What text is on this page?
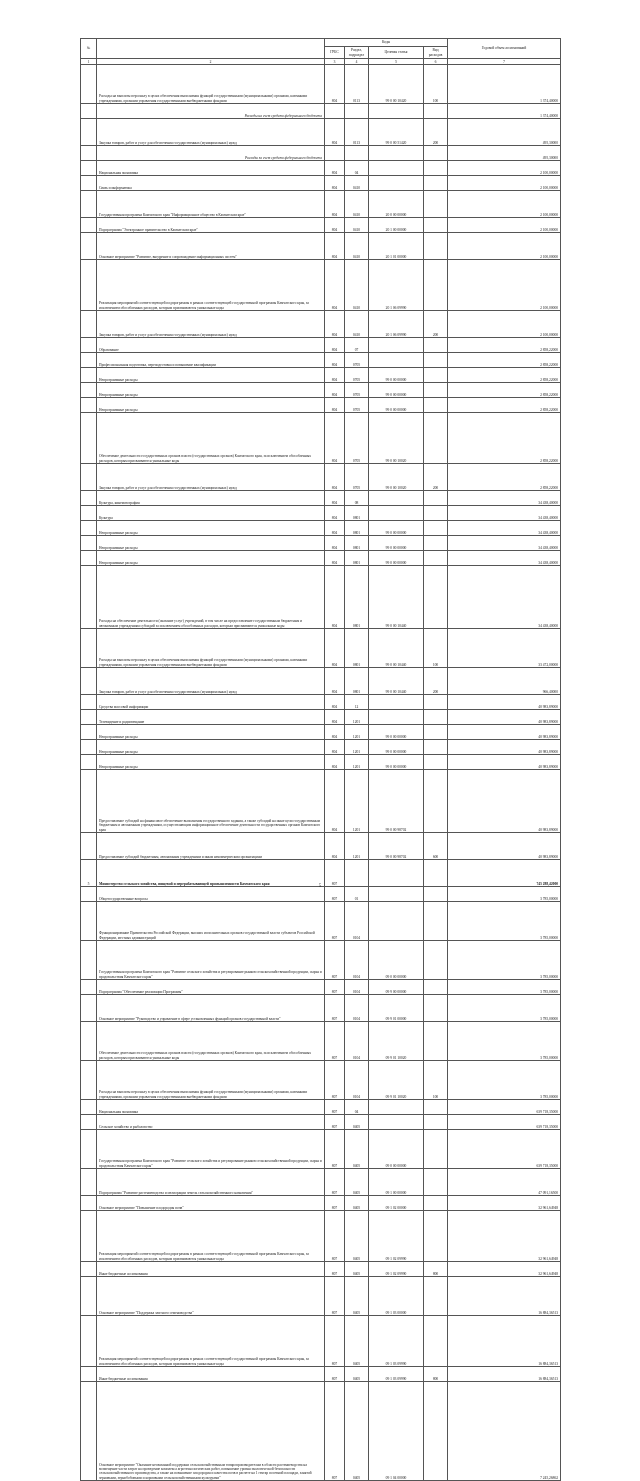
№		Коды				Годовой объем ассигнований
		ГРБС	Раздел, подраздел	Целевая статья	Вид расходов	
1	2	3	4	5	6	7
	Расходы на выплаты персоналу в целях обеспечения выполнения функций государственными (муниципальными) органами, казенными учреждениями, органами управления государственными внебюджетными фондами	804	0113	99 0 00 10420	100	1 374,40000
	Расходы на счет средств федерального бюджета					1 374,40000
	Закупка товаров, работ и услуг для обеспечения государственных (муниципальных) нужд	804	0113	99 0 00 51420	200	495,30000
	Расходы за счет средств федерального бюджета					495,30000
	Национальная экономика	804	04			2 100,00000
	Связь и информатика	804	0410			2 100,00000
	Государственная программа Камчатского края "Информационное общество в Камчатском крае"	804	0410	20 0 00 00000		2 100,00000
	Подпрограмма "Электронное правительство в Камчатском крае"	804	0410	20 1 00 00000		2 100,00000
	Основное мероприятие "Развитие, внедрение и сопровождение информационных систем"	804	0410	20 1 01 00000		2 100,00000
	Реализация мероприятий соответствующей подпрограммы в рамках соответствующей государственной программы Камчатского края, за исключением обособленных расходов, которым присваиваются уникальные коды	804	0410	20 1 06 09990		2 100,00000
	Закупка товаров, работ и услуг для обеспечения государственных (муниципальных) нужд	804	0410	20 1 06 09990	200	2 100,00000
	Образование	804	07			2 858,22000
	Профессиональная подготовка, переподготовка и повышение квалификации	804	0705			2 858,22000
	Непрограммные расходы	804	0705	99 0 00 00000		2 858,22000
	Непрограммные расходы	804	0705	99 0 00 00000		2 858,22000
	Непрограммные расходы	804	0705	99 0 00 00000		2 858,22000
	Обеспечение деятельности государственных органов власти (государственных органов) Камчатского края, за исключением обособленных расходов, которым присваиваются уникальные коды	804	0705	99 0 00 10020		2 858,22000
	Закупка товаров, работ и услуг для обеспечения государственных (муниципальных) нужд	804	0705	99 0 00 10020	200	2 858,22000
	Культура, кинематография	804	08			34 438,40000
	Культура	804	0801			34 438,40000
	Непрограммные расходы	804	0801	99 0 00 00000		34 438,40000
	Непрограммные расходы	804	0801	99 0 00 00000		34 438,40000
	Непрограммные расходы	804	0801	99 0 00 00000		34 438,40000
	Расходы на обеспечение деятельности (оказание услуг) учреждений, в том числе на предоставление государственным бюджетным и автономным учреждениям субсидий за исключением обособленных расходов, которым присваиваются уникальные коды	804	0801	99 0 00 10440		34 438,40000
	Расходы на выплаты персоналу в целях обеспечения выполнения функций государственными (муниципальными) органами, казенными учреждениями, органами управления государственными внебюджетными фондами	804	0801	99 0 00 10440	100	33 472,00000
	Закупка товаров, работ и услуг для обеспечения государственных (муниципальных) нужд	804	0801	99 0 00 10440	200	966,40000
	Средства массовой информации	804	12			40 983,89000
	Телевидение и радиовещание	804	1201			40 983,89000
	Непрограммные расходы	804	1201	99 0 00 00000		40 983,89000
	Непрограммные расходы	804	1201	99 0 00 00000		40 983,89000
	Непрограммные расходы	804	1201	99 0 00 00000		40 983,89000
	Предоставление субсидий на финансовое обеспечение выполнения государственного задания, а также субсидий на иные цели государственным бюджетным и автономным учреждениям, осуществляющим информационное обеспечение деятельности государственных органов Камчатского края	804	1201	99 0 00 98702		40 983,89000
	Предоставление субсидий бюджетным, автономным учреждениям и иным некоммерческим организациям	804	1201	99 0 00 98702	600	40 983,89000
5	Министерство сельского хозяйства, пищевой и перерабатывающей промышленности Камчатского края	807				745 288,42000
	Общегосударственные вопросы	807	01			3 785,00000
	Функционирование Правительства Российской Федерации, высших исполнительных органов государственной власти субъектов Российской Федерации, местных администраций	807	0104			3 785,00000
	Государственная программа Камчатского края "Развитие сельского хозяйства и регулирование рынков сельскохозяйственной продукции, сырья и продовольствия Камчатского края"	807	0104	09 0 00 00000		3 785,00000
	Подпрограмма "Обеспечение реализации Программы"	807	0104	09 9 00 00000		3 785,00000
	Основное мероприятие "Руководство и управление в сфере установленных функций органов государственной власти"	807	0104	09 9 01 00000		3 785,00000
	Обеспечение деятельности государственных органов власти (государственных органов) Камчатского края, за исключением обособленных расходов, которым присваиваются уникальные коды	807	0104	09 9 01 10020		3 785,00000
	Расходы на выплаты персоналу в целях обеспечения выполнения функций государственными (муниципальными) органами, казенными учреждениями, органами управления государственными внебюджетными фондами	807	0104	09 9 01 10020	100	3 785,00000
	Национальная экономика	807	04			639 718,35000
	Сельское хозяйство и рыболовство	807	0405			639 718,35000
	Государственная программа Камчатского края "Развитие сельского хозяйства и регулирование рынков сельскохозяйственной продукции, сырья и продовольствия Камчатского края"	807	0405	09 0 00 00000		639 718,35000
	Подпрограмма "Развитие растениеводства и мелиорации земель сельскохозяйственного назначения"	807	0405	09 1 00 00000		47 091,16500
	Основное мероприятие "Повышение плодородия почв"	807	0405	09 1 02 00000		32 961,64948
	Реализация мероприятий соответствующей подпрограммы в рамках соответствующей государственной программы Камчатского края, за исключением обособленных расходов, которым присваиваются уникальные коды	807	0405	09 1 02 09990		32 961,64948
	Иные бюджетные ассигнования	807	0405	09 1 02 09990	800	32 961,64948
	Основное мероприятие "Поддержка элитного семеноводства"	807	0405	09 1 03 00000		16 884,36513
	Реализация мероприятий соответствующей подпрограммы в рамках соответствующей государственной программы Камчатского края, за исключением обособленных расходов, которым присваиваются уникальные коды	807	0405	09 1 03 09990		16 884,36513
	Иные бюджетные ассигнования	807	0405	09 1 03 09990	800	16 884,36513
	Основное мероприятие "Оказание несвязанной поддержки сельскохозяйственным товаропроизводителям в области растениеводства на возмещение части затрат на проведение комплекса агротехнологических работ, повышение уровня экологической безопасности сельскохозяйственного производства, а также на повышение плодородия и качества почв в расчете на 1 гектар посевной площади, занятой зерновыми, зернобобовыми и кормовыми сельскохозяйственными культурами"	807	0405	09 1 04 00000		7 245,26862
5
